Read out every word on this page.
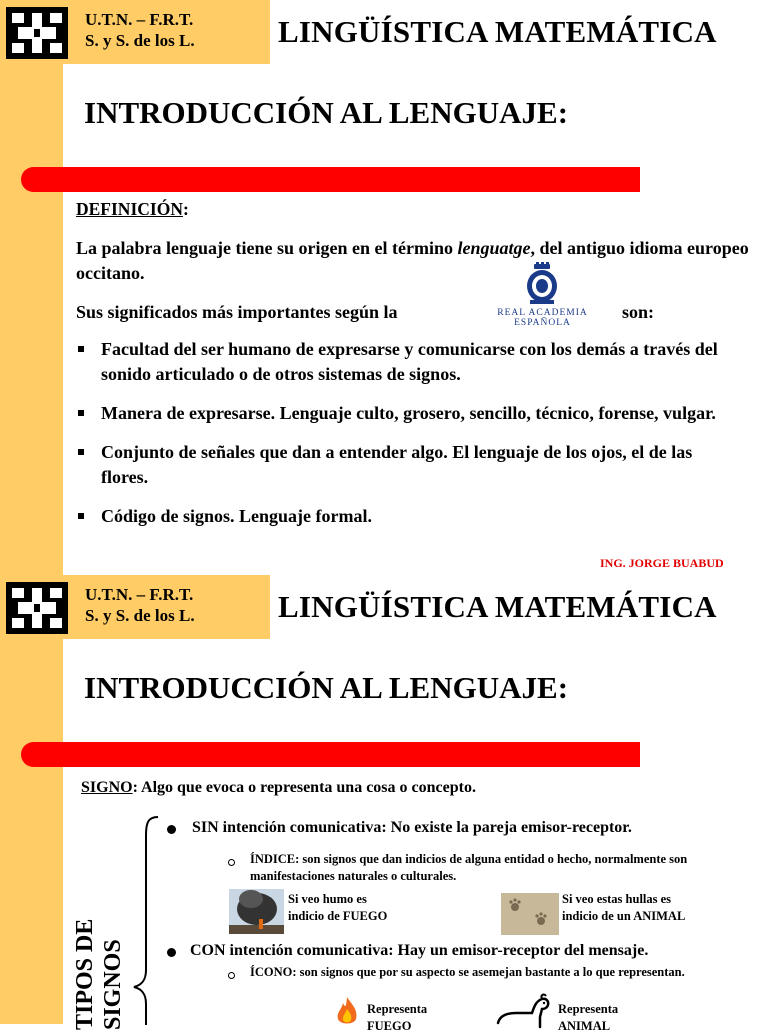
U.T.N. – F.R.T.
S. y S. de los L.	LINGÜÍSTICA MATEMÁTICA
INTRODUCCIÓN AL LENGUAJE:
DEFINICIÓN:
La palabra lenguaje tiene su origen en el término lenguatge, del antiguo idioma europeo occitano.
Sus significados más importantes según la	REAL ACADEMIA ESPAÑOLA
son:
Facultad del ser humano de expresarse y comunicarse con los demás a través del sonido articulado o de otros sistemas de signos.
Manera de expresarse. Lenguaje culto, grosero, sencillo, técnico, forense, vulgar.
Conjunto de señales que dan a entender algo. El lenguaje de los ojos, el de las flores.
Código de signos. Lenguaje formal.
ING. JORGE BUABUD
U.T.N. – F.R.T.
S. y S. de los L.	LINGÜÍSTICA MATEMÁTICA
INTRODUCCIÓN AL LENGUAJE:
SIGNO: Algo que evoca o representa una cosa o concepto.
TIPOS DE SIGNOS
SIN intención comunicativa: No existe la pareja emisor-receptor.
ÍNDICE: son signos que dan indicios de alguna entidad o hecho, normalmente son manifestaciones naturales o culturales.
Si veo humo es
indicio de FUEGO
Si veo estas hullas es
indicio de un ANIMAL
CON intención comunicativa: Hay un emisor-receptor del mensaje.
ÍCONO: son signos que por su aspecto se asemejan bastante a lo que representan.
Representa
FUEGO
Representa
ANIMAL
